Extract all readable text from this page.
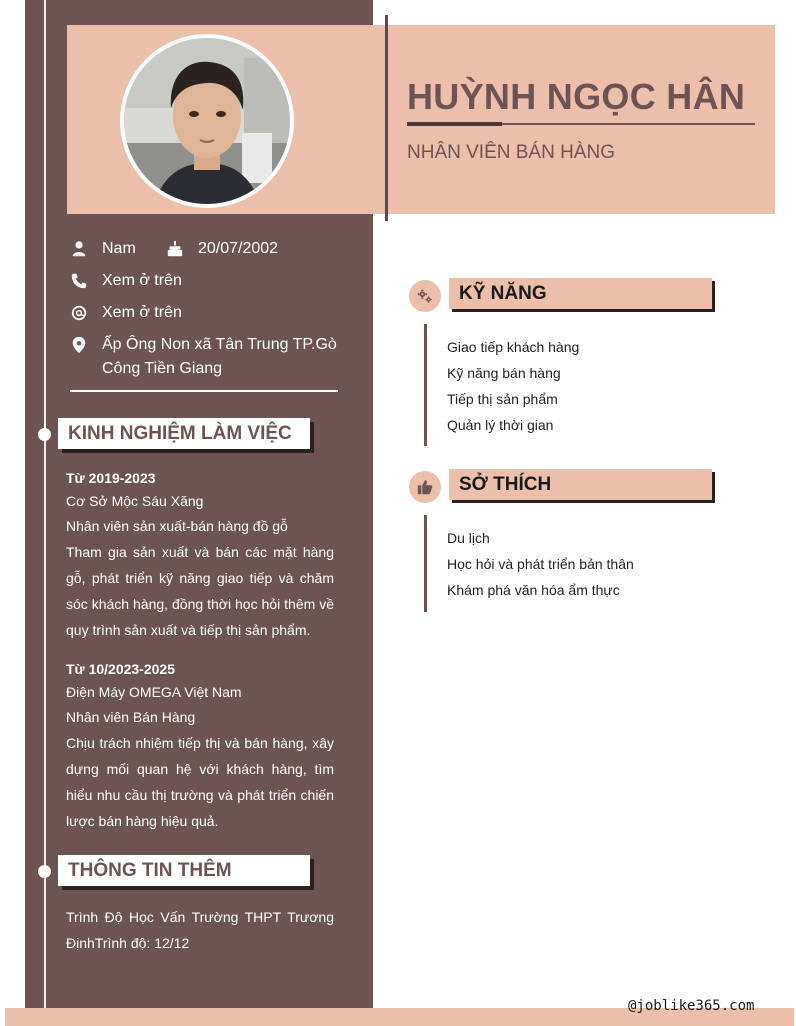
HUỲNH NGỌC HÂN
NHÂN VIÊN BÁN HÀNG
Nam	20/07/2002
Xem ở trên
Xem ở trên
Ấp Ông Non xã Tân Trung TP.Gò Công Tiền Giang
KINH NGHIỆM LÀM VIỆC
Từ 2019-2023
Cơ Sở Mộc Sáu Xăng
Nhân viên sản xuất-bán hàng đồ gỗ
Tham gia sản xuất và bán các mặt hàng gỗ, phát triển kỹ năng giao tiếp và chăm sóc khách hàng, đồng thời học hỏi thêm về quy trình sản xuất và tiếp thị sản phẩm.
Từ 10/2023-2025
Điện Máy OMEGA Việt Nam
Nhân viên Bán Hàng
Chịu trách nhiệm tiếp thị và bán hàng, xây dựng mối quan hệ với khách hàng, tìm hiểu nhu cầu thị trường và phát triển chiến lược bán hàng hiệu quả.
THÔNG TIN THÊM
Trình Độ Học Vấn Trường THPT Trương ĐịnhTrình độ: 12/12
KỸ NĂNG
Giao tiếp khách hàng
Kỹ năng bán hàng
Tiếp thị sản phẩm
Quản lý thời gian
SỞ THÍCH
Du lịch
Học hỏi và phát triển bản thân
Khám phá văn hóa ẩm thực
@joblike365.com
